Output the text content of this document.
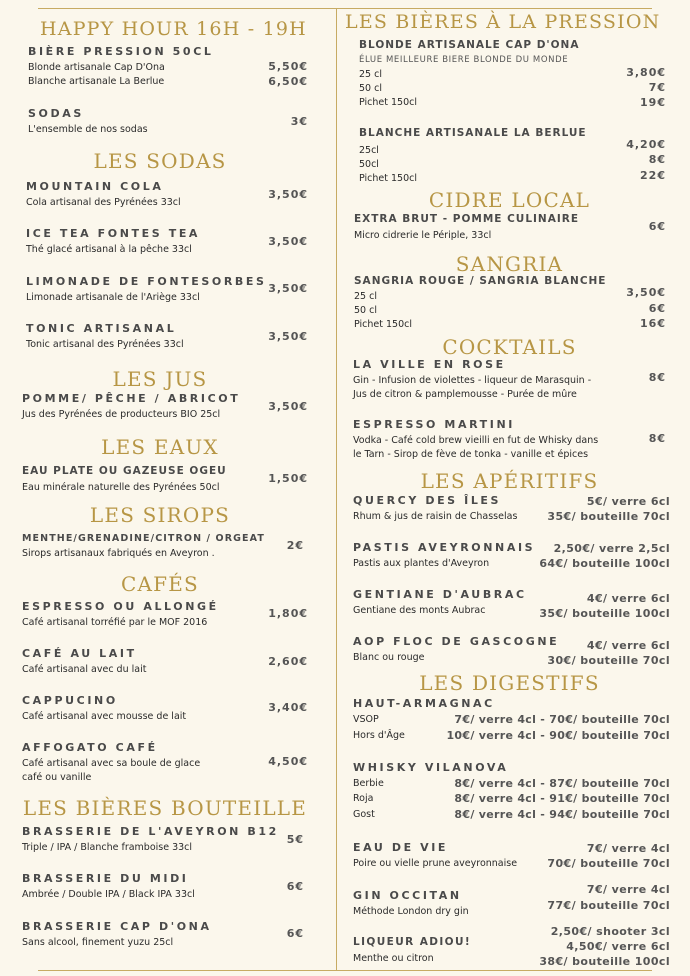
HAPPY HOUR 16H - 19H
BIÈRE PRESSION 50CL
Blonde artisanale Cap D'Ona
Blanche artisanale La Berlue
5,50€
6,50€
SODAS
L'ensemble de nos sodas
3€
LES SODAS
MOUNTAIN COLA
Cola artisanal des Pyrénées 33cl
3,50€
ICE TEA FONTES TEA
Thé glacé artisanal à la pêche 33cl
3,50€
LIMONADE DE FONTESORBES
Limonade artisanale de l'Ariège 33cl
3,50€
TONIC ARTISANAL
Tonic artisanal des Pyrénées 33cl
3,50€
LES JUS
POMME/ PÊCHE / ABRICOT
Jus des Pyrénées de producteurs BIO 25cl
3,50€
LES EAUX
EAU PLATE OU GAZEUSE OGEU
Eau minérale naturelle des Pyrénées 50cl
1,50€
LES SIROPS
MENTHE/GRENADINE/CITRON / ORGEAT
Sirops artisanaux fabriqués en Aveyron .
2€
CAFÉS
ESPRESSO OU ALLONGÉ
Café artisanal torréfié par le MOF 2016
1,80€
CAFÉ AU LAIT
Café artisanal avec du lait
2,60€
CAPPUCINO
Café artisanal avec mousse de lait
3,40€
AFFOGATO CAFÉ
Café artisanal avec sa boule de glace
café ou vanille
4,50€
LES BIÈRES BOUTEILLE
BRASSERIE DE L'AVEYRON B12
Triple / IPA / Blanche framboise 33cl
5€
BRASSERIE DU MIDI
Ambrée / Double IPA / Black IPA 33cl
6€
BRASSERIE CAP D'ONA
Sans alcool, finement yuzu 25cl
6€
LES BIÈRES À LA PRESSION
BLONDE ARTISANALE CAP D'ONA
ÉLUE MEILLEURE BIERE BLONDE DU MONDE
25 cl
50 cl
Pichet 150cl
3,80€
7€
19€
BLANCHE ARTISANALE LA BERLUE
25cl
50cl
Pichet 150cl
4,20€
8€
22€
CIDRE LOCAL
EXTRA BRUT - POMME CULINAIRE
Micro cidrerie le Périple, 33cl
6€
SANGRIA
SANGRIA ROUGE / SANGRIA BLANCHE
25 cl
50 cl
Pichet 150cl
3,50€
6€
16€
COCKTAILS
LA VILLE EN ROSE
Gin - Infusion de violettes - liqueur de Marasquin -
Jus de citron & pamplemousse - Purée de mûre
8€
ESPRESSO MARTINI
Vodka - Café cold brew vieilli en fut de Whisky dans
le Tarn - Sirop de fève de tonka - vanille et épices
8€
LES APÉRITIFS
QUERCY DES ÎLES
Rhum & jus de raisin de Chasselas
5€/ verre 6cl
35€/ bouteille 70cl
PASTIS AVEYRONNAIS
Pastis aux plantes d'Aveyron
2,50€/ verre 2,5cl
64€/ bouteille 100cl
GENTIANE D'AUBRAC
Gentiane des monts Aubrac
4€/ verre 6cl
35€/ bouteille 100cl
AOP FLOC DE GASCOGNE
Blanc ou rouge
4€/ verre 6cl
30€/ bouteille 70cl
LES DIGESTIFS
HAUT-ARMAGNAC
VSOP
Hors d'Âge
7€/ verre 4cl - 70€/ bouteille 70cl
10€/ verre 4cl - 90€/ bouteille 70cl
WHISKY VILANOVA
Berbie
Roja
Gost
8€/ verre 4cl - 87€/ bouteille 70cl
8€/ verre 4cl - 91€/ bouteille 70cl
8€/ verre 4cl - 94€/ bouteille 70cl
EAU DE VIE
Poire ou vielle prune aveyronnaise
7€/ verre 4cl
70€/ bouteille 70cl
GIN OCCITAN
Méthode London dry gin
7€/ verre 4cl
77€/ bouteille 70cl
LIQUEUR ADIOU!
Menthe ou citron
2,50€/ shooter 3cl
4,50€/ verre 6cl
38€/ bouteille 100cl
